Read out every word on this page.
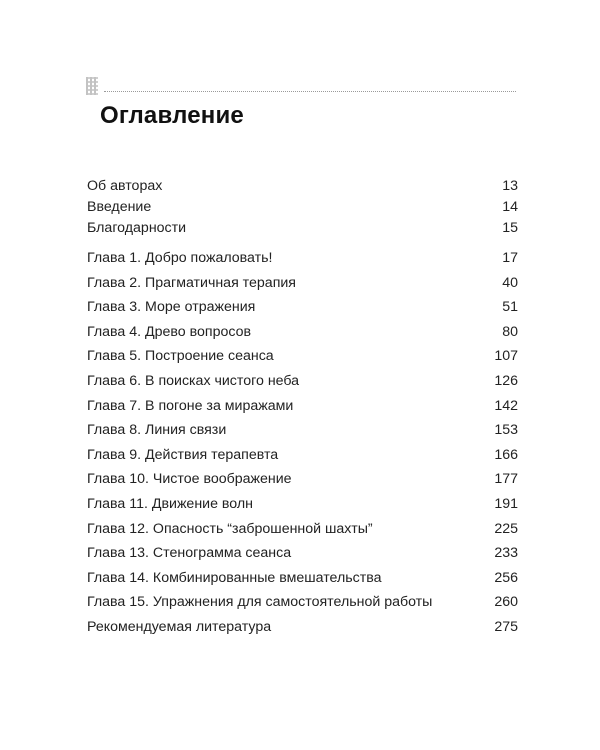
Оглавление
Об авторах	13
Введение	14
Благодарности	15
Глава 1. Добро пожаловать!	17
Глава 2. Прагматичная терапия	40
Глава 3. Море отражения	51
Глава 4. Древо вопросов	80
Глава 5. Построение сеанса	107
Глава 6. В поисках чистого неба	126
Глава 7. В погоне за миражами	142
Глава 8. Линия связи	153
Глава 9. Действия терапевта	166
Глава 10. Чистое воображение	177
Глава 11. Движение волн	191
Глава 12. Опасность “заброшенной шахты”	225
Глава 13. Стенограмма сеанса	233
Глава 14. Комбинированные вмешательства	256
Глава 15. Упражнения для самостоятельной работы	260
Рекомендуемая литература	275
